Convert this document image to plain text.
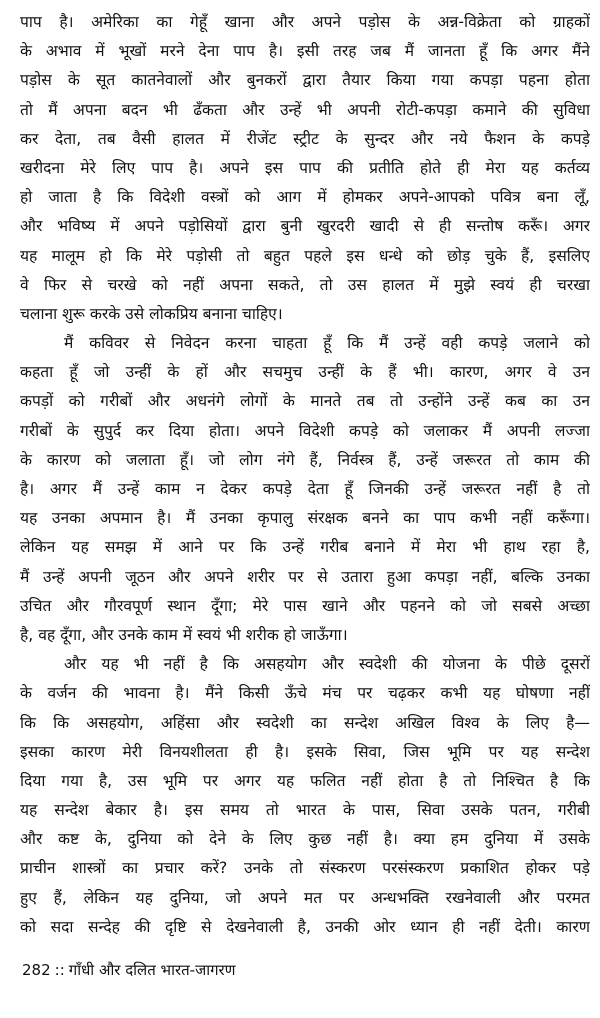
पाप है। अमेरिका का गेहूँ खाना और अपने पड़ोस के अन्न-विक्रेता को ग्राहकों
के अभाव में भूखों मरने देना पाप है। इसी तरह जब मैं जानता हूँ कि अगर मैंने
पड़ोस के सूत कातनेवालों और बुनकरों द्वारा तैयार किया गया कपड़ा पहना होता
तो मैं अपना बदन भी ढँकता और उन्हें भी अपनी रोटी-कपड़ा कमाने की सुविधा
कर देता, तब वैसी हालत में रीजेंट स्ट्रीट के सुन्दर और नये फैशन के कपड़े
खरीदना मेरे लिए पाप है। अपने इस पाप की प्रतीति होते ही मेरा यह कर्तव्य
हो जाता है कि विदेशी वस्त्रों को आग में होमकर अपने-आपको पवित्र बना लूँ,
और भविष्य में अपने पड़ोसियों द्वारा बुनी खुरदरी खादी से ही सन्तोष करूँ। अगर
यह मालूम हो कि मेरे पड़ोसी तो बहुत पहले इस धन्धे को छोड़ चुके हैं, इसलिए
वे फिर से चरखे को नहीं अपना सकते, तो उस हालत में मुझे स्वयं ही चरखा
चलाना शुरू करके उसे लोकप्रिय बनाना चाहिए।
मैं कविवर से निवेदन करना चाहता हूँ कि मैं उन्हें वही कपड़े जलाने को
कहता हूँ जो उन्हीं के हों और सचमुच उन्हीं के हैं भी। कारण, अगर वे उन
कपड़ों को गरीबों और अधनंगे लोगों के मानते तब तो उन्होंने उन्हें कब का उन
गरीबों के सुपुर्द कर दिया होता। अपने विदेशी कपड़े को जलाकर मैं अपनी लज्जा
के कारण को जलाता हूँ। जो लोग नंगे हैं, निर्वस्त्र हैं, उन्हें जरूरत तो काम की
है। अगर मैं उन्हें काम न देकर कपड़े देता हूँ जिनकी उन्हें जरूरत नहीं है तो
यह उनका अपमान है। मैं उनका कृपालु संरक्षक बनने का पाप कभी नहीं करूँगा।
लेकिन यह समझ में आने पर कि उन्हें गरीब बनाने में मेरा भी हाथ रहा है,
मैं उन्हें अपनी जूठन और अपने शरीर पर से उतारा हुआ कपड़ा नहीं, बल्कि उनका
उचित और गौरवपूर्ण स्थान दूँगा; मेरे पास खाने और पहनने को जो सबसे अच्छा
है, वह दूँगा, और उनके काम में स्वयं भी शरीक हो जाऊँगा।
और यह भी नहीं है कि असहयोग और स्वदेशी की योजना के पीछे दूसरों
के वर्जन की भावना है। मैंने किसी ऊँचे मंच पर चढ़कर कभी यह घोषणा नहीं
कि कि असहयोग, अहिंसा और स्वदेशी का सन्देश अखिल विश्व के लिए है—
इसका कारण मेरी विनयशीलता ही है। इसके सिवा, जिस भूमि पर यह सन्देश
दिया गया है, उस भूमि पर अगर यह फलित नहीं होता है तो निश्चित है कि
यह सन्देश बेकार है। इस समय तो भारत के पास, सिवा उसके पतन, गरीबी
और कष्ट के, दुनिया को देने के लिए कुछ नहीं है। क्या हम दुनिया में उसके
प्राचीन शास्त्रों का प्रचार करें? उनके तो संस्करण परसंस्करण प्रकाशित होकर पड़े
हुए हैं, लेकिन यह दुनिया, जो अपने मत पर अन्धभक्ति रखनेवाली और परमत
को सदा सन्देह की दृष्टि से देखनेवाली है, उनकी ओर ध्यान ही नहीं देती। कारण
282 :: गाँधी और दलित भारत-जागरण
